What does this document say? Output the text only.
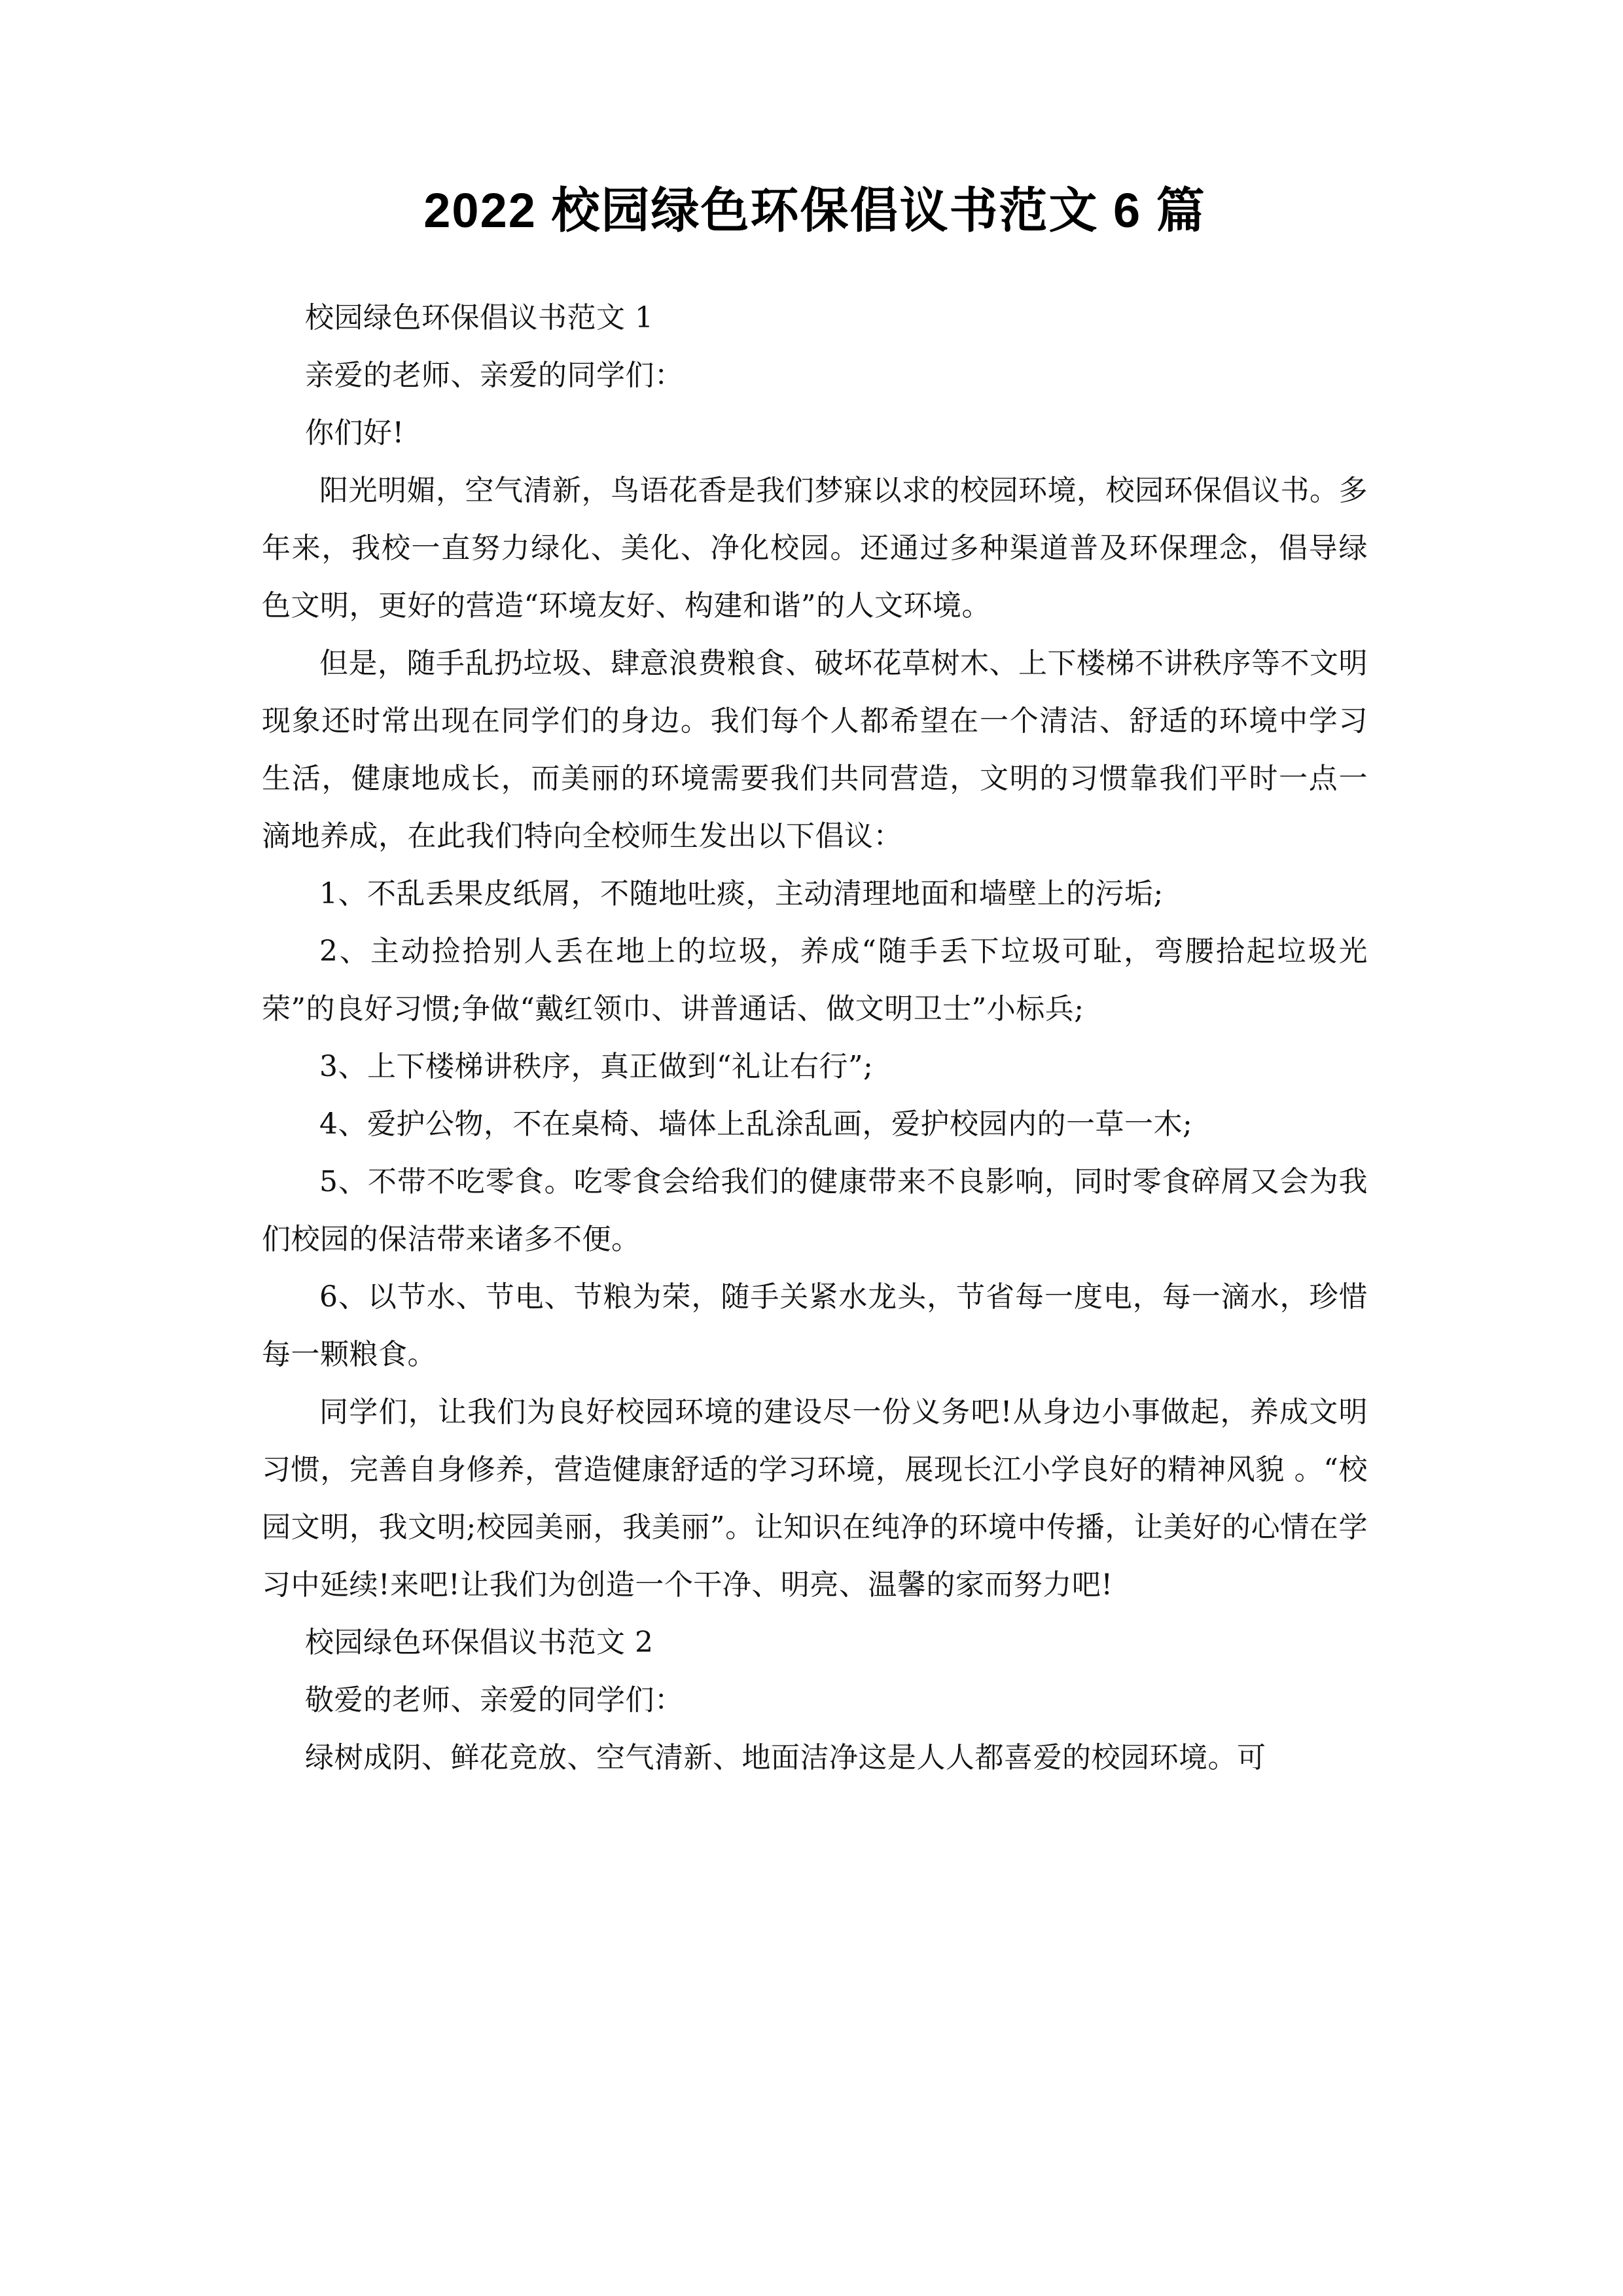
2022 校园绿色环保倡议书范文 6 篇

校园绿色环保倡议书范文 1

亲爱的老师、亲爱的同学们：

你们好!

阳光明媚，空气清新，鸟语花香是我们梦寐以求的校园环境，校园环保倡议书。多年来，我校一直努力绿化、美化、净化校园。还通过多种渠道普及环保理念，倡导绿色文明，更好的营造“环境友好、构建和谐”的人文环境。

但是，随手乱扔垃圾、肆意浪费粮食、破坏花草树木、上下楼梯不讲秩序等不文明现象还时常出现在同学们的身边。我们每个人都希望在一个清洁、舒适的环境中学习生活，健康地成长，而美丽的环境需要我们共同营造，文明的习惯靠我们平时一点一滴地养成，在此我们特向全校师生发出以下倡议：

1、不乱丢果皮纸屑，不随地吐痰，主动清理地面和墙壁上的污垢;

2、主动捡拾别人丢在地上的垃圾，养成“随手丢下垃圾可耻，弯腰拾起垃圾光荣”的良好习惯;争做“戴红领巾、讲普通话、做文明卫士”小标兵;

3、上下楼梯讲秩序，真正做到“礼让右行”;

4、爱护公物，不在桌椅、墙体上乱涂乱画，爱护校园内的一草一木;

5、不带不吃零食。吃零食会给我们的健康带来不良影响，同时零食碎屑又会为我们校园的保洁带来诸多不便。

6、以节水、节电、节粮为荣，随手关紧水龙头，节省每一度电，每一滴水，珍惜每一颗粮食。

同学们，让我们为良好校园环境的建设尽一份义务吧!从身边小事做起，养成文明习惯，完善自身修养，营造健康舒适的学习环境，展现长江小学良好的精神风貌 。“校园文明，我文明;校园美丽，我美丽”。让知识在纯净的环境中传播，让美好的心情在学习中延续!来吧!让我们为创造一个干净、明亮、温馨的家而努力吧!

校园绿色环保倡议书范文 2

敬爱的老师、亲爱的同学们：

绿树成阴、鲜花竞放、空气清新、地面洁净这是人人都喜爱的校园环境。可
